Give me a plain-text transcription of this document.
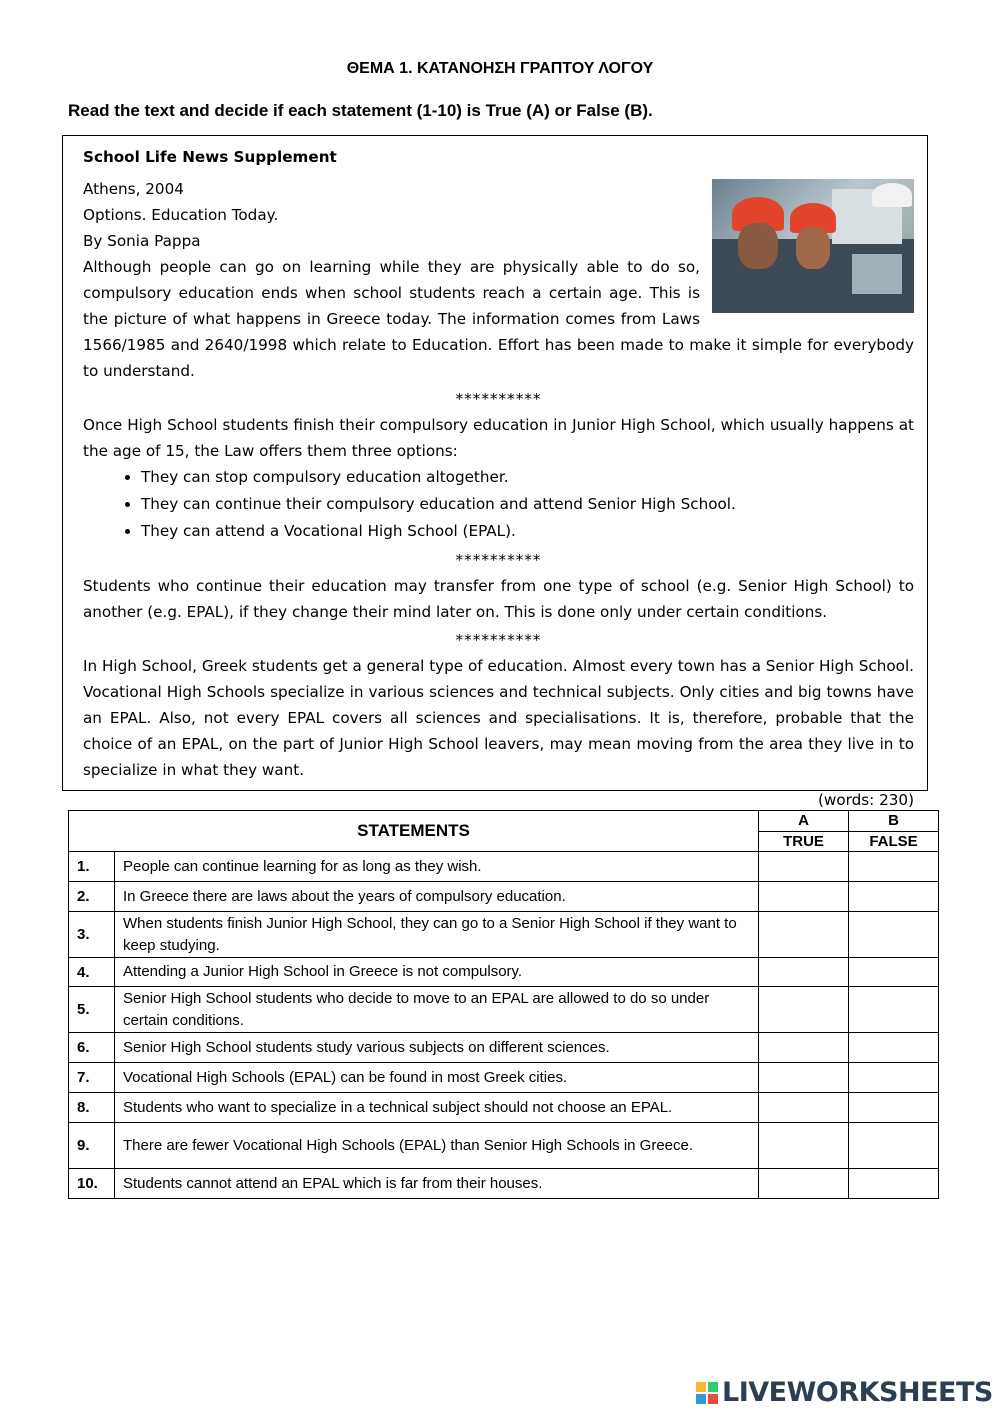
ΘΕΜΑ 1. ΚΑΤΑΝΟΗΣΗ ΓΡΑΠΤΟΥ ΛΟΓΟΥ
Read the text and decide if each statement (1-10) is True (A) or False (B).

School Life News Supplement

Athens, 2004

Options. Education Today.

By Sonia Pappa

Although people can go on learning while they are physically able to do so, compulsory education ends when school students reach a certain age. This is the picture of what happens in Greece today. The information comes from Laws 1566/1985 and 2640/1998 which relate to Education. Effort has been made to make it simple for everybody to understand.

**********

Once High School students finish their compulsory education in Junior High School, which usually happens at the age of 15, the Law offers them three options:

• They can stop compulsory education altogether.
• They can continue their compulsory education and attend Senior High School.
• They can attend a Vocational High School (EPAL).

**********

Students who continue their education may transfer from one type of school (e.g. Senior High School) to another (e.g. EPAL), if they change their mind later on. This is done only under certain conditions.

**********

In High School, Greek students get a general type of education. Almost every town has a Senior High School. Vocational High Schools specialize in various sciences and technical subjects. Only cities and big towns have an EPAL. Also, not every EPAL covers all sciences and specialisations. It is, therefore, probable that the choice of an EPAL, on the part of Junior High School leavers, may mean moving from the area they live in to specialize in what they want.

(words: 230)

STATEMENTS		A	B
		TRUE	FALSE
1.	People can continue learning for as long as they wish.		
2.	In Greece there are laws about the years of compulsory education.		
3.	When students finish Junior High School, they can go to a Senior High School if they want to keep studying.		
4.	Attending a Junior High School in Greece is not compulsory.		
5.	Senior High School students who decide to move to an EPAL are allowed to do so under certain conditions.		
6.	Senior High School students study various subjects on different sciences.		
7.	Vocational High Schools (EPAL) can be found in most Greek cities.		
8.	Students who want to specialize in a technical subject should not choose an EPAL.		
9.	There are fewer Vocational High Schools (EPAL) than Senior High Schools in Greece.		
10.	Students cannot attend an EPAL which is far from their houses.		
LIVEWORKSHEETS
